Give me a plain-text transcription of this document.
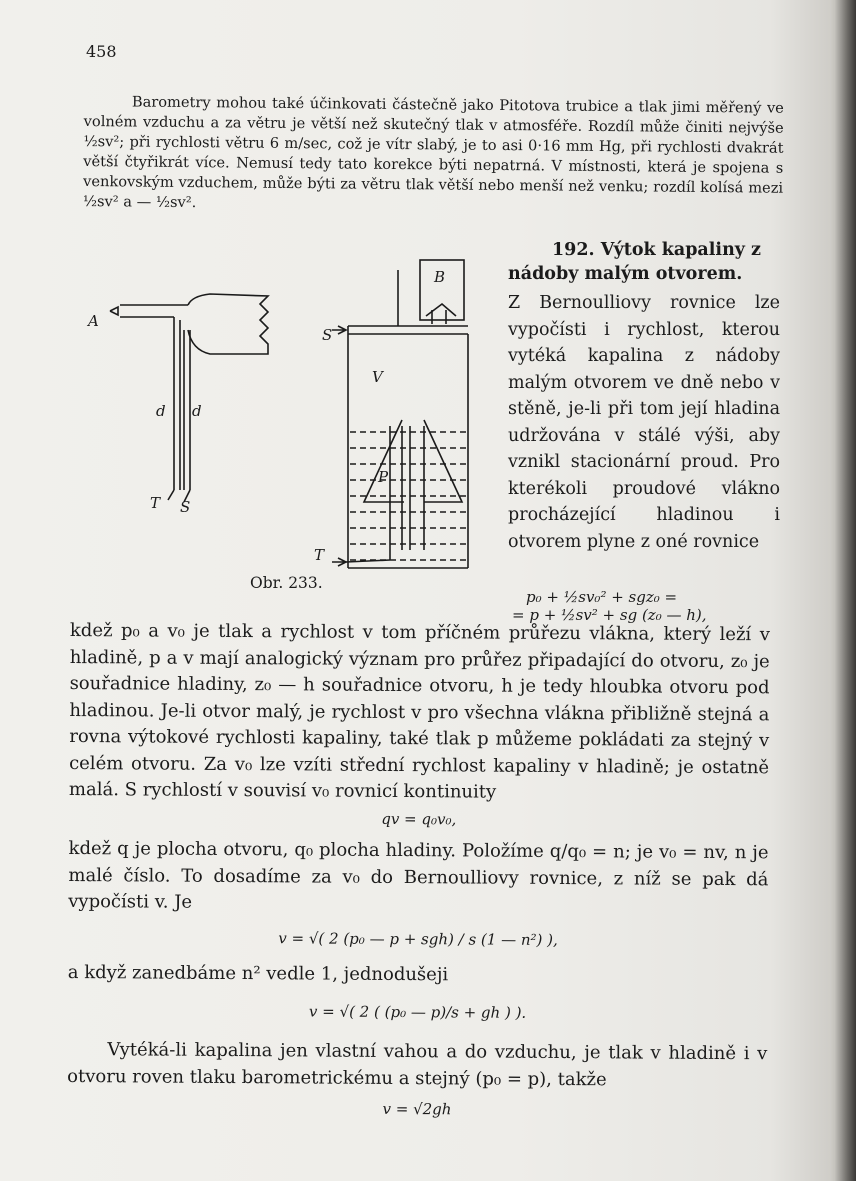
458

Barometry mohou také účinkovati částečně jako Pitotova trubice a tlak jimi měřený ve volném vzduchu a za větru je větší než skutečný tlak v atmosféře. Rozdíl může činiti nejvýše ½sv²; při rychlosti větru 6 m/sec, což je vítr slabý, je to asi 0·16 mm Hg, při rychlosti dvakrát větší čtyřikrát více. Nemusí tedy tato korekce býti nepatrná. V místnosti, která je spojena s venkovským vzduchem, může býti za větru tlak větší nebo menší než venku; rozdíl kolísá mezi ½sv² a — ½sv².

A
d d
T S
B
S
V
P
T
Obr. 233.
192. Výtok kapaliny z nádoby malým otvorem.

Z Bernoulliovy rovnice lze vypočísti i rychlost, kterou vytéká kapalina z nádoby malým otvorem ve dně nebo v stěně, je-li při tom její hladina udržována v stálé výši, aby vznikl stacionární proud. Pro kterékoli proudové vlákno procházející hladinou i otvorem plyne z oné rovnice

p₀ + ½sv₀² + sgz₀ =
= p + ½sv² + sg (z₀ — h),

kdež p₀ a v₀ je tlak a rychlost v tom příčném průřezu vlákna, který leží v hladině, p a v mají analogický význam pro průřez připadající do otvoru, z₀ je souřadnice hladiny, z₀ — h souřadnice otvoru, h je tedy hloubka otvoru pod hladinou. Je-li otvor malý, je rychlost v pro všechna vlákna přibližně stejná a rovna výtokové rychlosti kapaliny, také tlak p můžeme pokládati za stejný v celém otvoru. Za v₀ lze vzíti střední rychlost kapaliny v hladině; je ostatně malá. S rychlostí v souvisí v₀ rovnicí kontinuity

qv = q₀v₀,

kdež q je plocha otvoru, q₀ plocha hladiny. Položíme q/q₀ = n; je v₀ = nv, n je malé číslo. To dosadíme za v₀ do Bernoulliovy rovnice, z níž se pak dá vypočísti v. Je

v = √( 2 (p₀ — p + sgh) / s (1 — n²) ),

a když zanedbáme n² vedle 1, jednodušeji

v = √( 2 ( (p₀ — p)/s + gh ) ).

Vytéká-li kapalina jen vlastní vahou a do vzduchu, je tlak v hladině i v otvoru roven tlaku barometrickému a stejný (p₀ = p), takže

v = √2gh
